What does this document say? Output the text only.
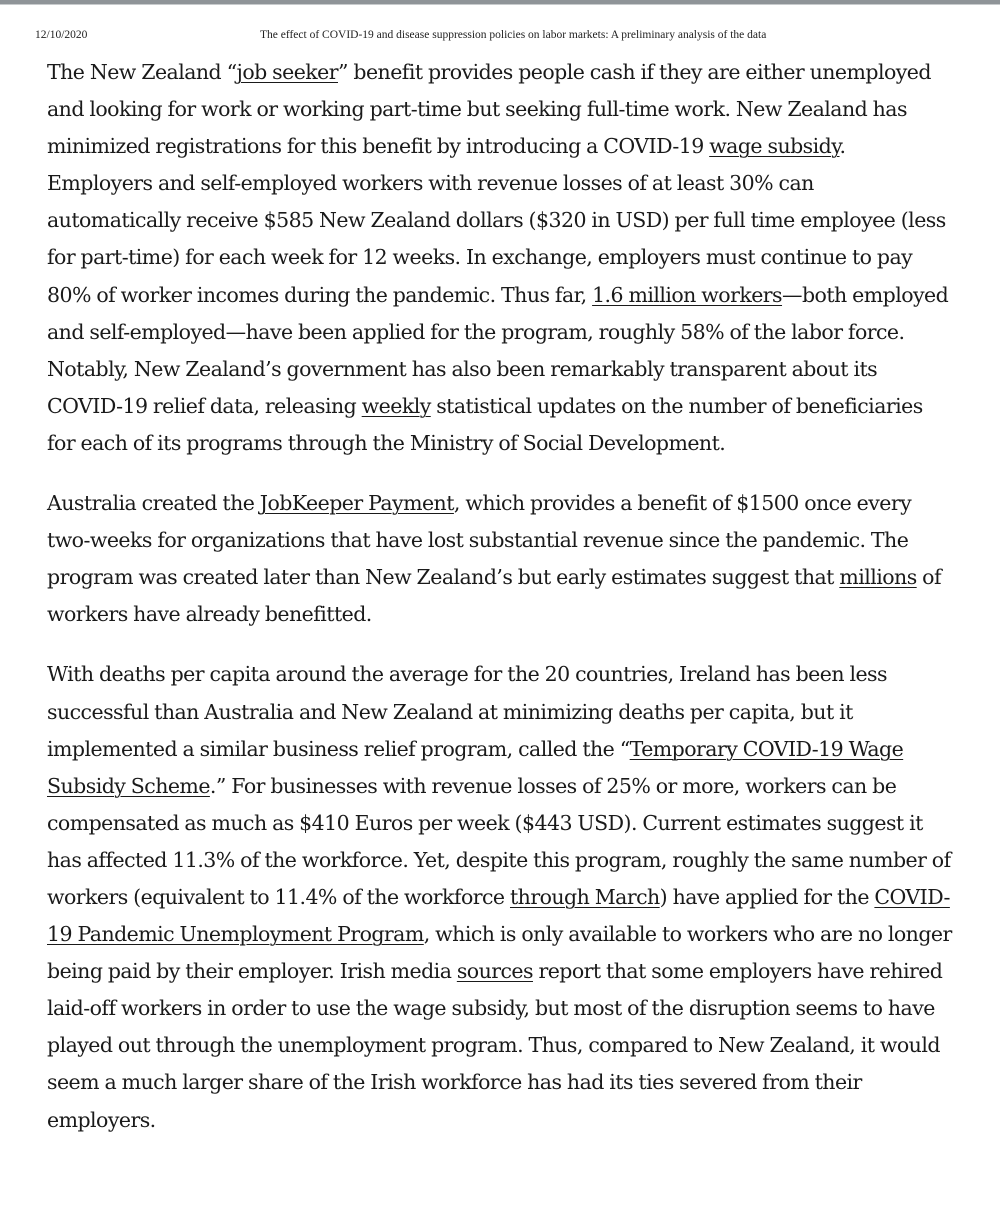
12/10/2020	The effect of COVID-19 and disease suppression policies on labor markets: A preliminary analysis of the data

The New Zealand “job seeker” benefit provides people cash if they are either unemployed and looking for work or working part-time but seeking full-time work. New Zealand has minimized registrations for this benefit by introducing a COVID-19 wage subsidy. Employers and self-employed workers with revenue losses of at least 30% can automatically receive $585 New Zealand dollars ($320 in USD) per full time employee (less for part-time) for each week for 12 weeks. In exchange, employers must continue to pay 80% of worker incomes during the pandemic. Thus far, 1.6 million workers—both employed and self-employed—have been applied for the program, roughly 58% of the labor force. Notably, New Zealand’s government has also been remarkably transparent about its COVID-19 relief data, releasing weekly statistical updates on the number of beneficiaries for each of its programs through the Ministry of Social Development.

Australia created the JobKeeper Payment, which provides a benefit of $1500 once every two-weeks for organizations that have lost substantial revenue since the pandemic. The program was created later than New Zealand’s but early estimates suggest that millions of workers have already benefitted.

With deaths per capita around the average for the 20 countries, Ireland has been less successful than Australia and New Zealand at minimizing deaths per capita, but it implemented a similar business relief program, called the “Temporary COVID-19 Wage Subsidy Scheme.” For businesses with revenue losses of 25% or more, workers can be compensated as much as $410 Euros per week ($443 USD). Current estimates suggest it has affected 11.3% of the workforce. Yet, despite this program, roughly the same number of workers (equivalent to 11.4% of the workforce through March) have applied for the COVID-19 Pandemic Unemployment Program, which is only available to workers who are no longer being paid by their employer. Irish media sources report that some employers have rehired laid-off workers in order to use the wage subsidy, but most of the disruption seems to have played out through the unemployment program. Thus, compared to New Zealand, it would seem a much larger share of the Irish workforce has had its ties severed from their employers.
